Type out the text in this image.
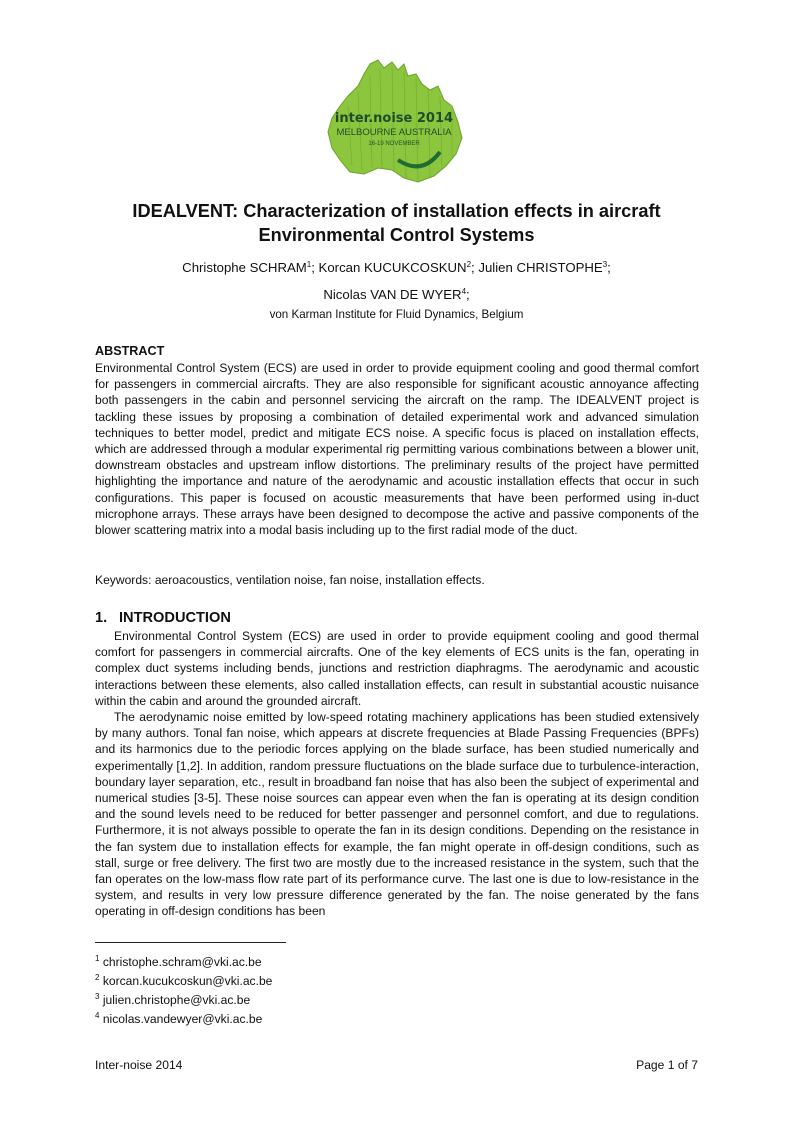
inter.noise 2014
MELBOURNE AUSTRALIA
16-19 NOVEMBER
IDEALVENT: Characterization of installation effects in aircraft
Environmental Control Systems
Christophe SCHRAM$^1$; Korcan KUCUKCOSKUN$^2$; Julien CHRISTOPHE$^3$;
Nicolas VAN DE WYER$^4$;
von Karman Institute for Fluid Dynamics, Belgium
ABSTRACT

Environmental Control System (ECS) are used in order to provide equipment cooling and good thermal comfort for passengers in commercial aircrafts. They are also responsible for significant acoustic annoyance affecting both passengers in the cabin and personnel servicing the aircraft on the ramp. The IDEALVENT project is tackling these issues by proposing a combination of detailed experimental work and advanced simulation techniques to better model, predict and mitigate ECS noise. A specific focus is placed on installation effects, which are addressed through a modular experimental rig permitting various combinations between a blower unit, downstream obstacles and upstream inflow distortions. The preliminary results of the project have permitted highlighting the importance and nature of the aerodynamic and acoustic installation effects that occur in such configurations. This paper is focused on acoustic measurements that have been performed using in-duct microphone arrays. These arrays have been designed to decompose the active and passive components of the blower scattering matrix into a modal basis including up to the first radial mode of the duct.

Keywords: aeroacoustics, ventilation noise, fan noise, installation effects.

1. INTRODUCTION

Environmental Control System (ECS) are used in order to provide equipment cooling and good thermal comfort for passengers in commercial aircrafts. One of the key elements of ECS units is the fan, operating in complex duct systems including bends, junctions and restriction diaphragms. The aerodynamic and acoustic interactions between these elements, also called installation effects, can result in substantial acoustic nuisance within the cabin and around the grounded aircraft.

The aerodynamic noise emitted by low-speed rotating machinery applications has been studied extensively by many authors. Tonal fan noise, which appears at discrete frequencies at Blade Passing Frequencies (BPFs) and its harmonics due to the periodic forces applying on the blade surface, has been studied numerically and experimentally [1,2]. In addition, random pressure fluctuations on the blade surface due to turbulence-interaction, boundary layer separation, etc., result in broadband fan noise that has also been the subject of experimental and numerical studies [3-5]. These noise sources can appear even when the fan is operating at its design condition and the sound levels need to be reduced for better passenger and personnel comfort, and due to regulations. Furthermore, it is not always possible to operate the fan in its design conditions. Depending on the resistance in the fan system due to installation effects for example, the fan might operate in off-design conditions, such as stall, surge or free delivery. The first two are mostly due to the increased resistance in the system, such that the fan operates on the low-mass flow rate part of its performance curve. The last one is due to low-resistance in the system, and results in very low pressure difference generated by the fan. The noise generated by the fans operating in off-design conditions has been

$^1$ christophe.schram@vki.ac.be
$^2$ korcan.kucukcoskun@vki.ac.be
$^3$ julien.christophe@vki.ac.be
$^4$ nicolas.vandewyer@vki.ac.be
Inter-noise 2014	Page 1 of 7
